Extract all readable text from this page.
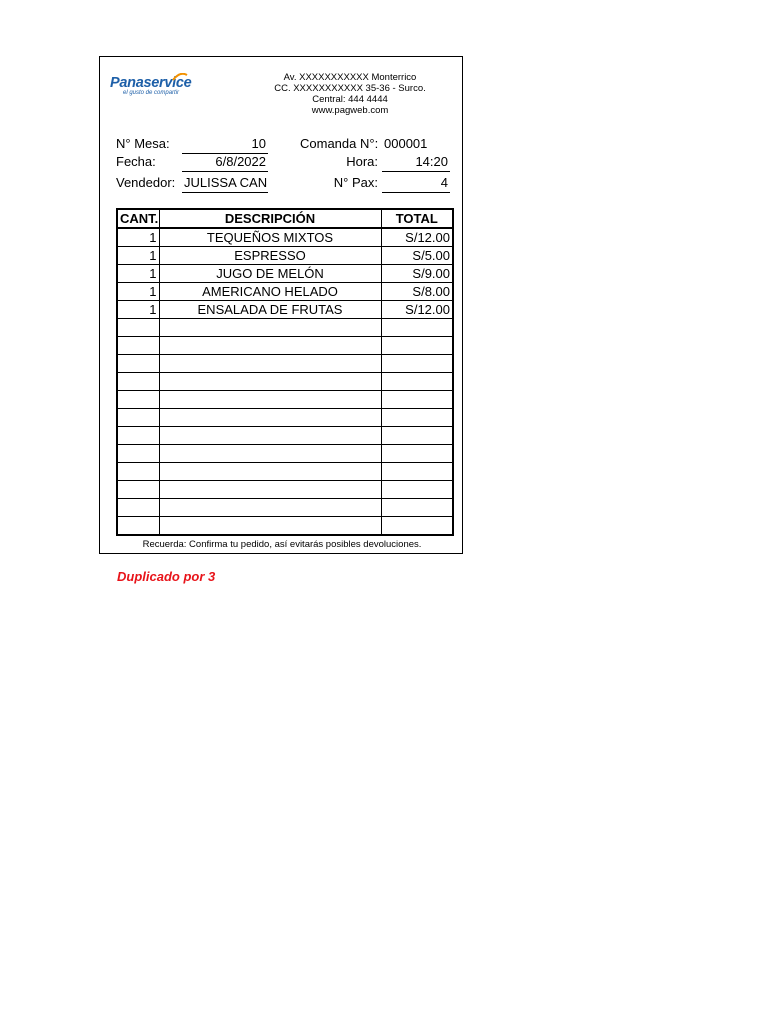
Panaservice
el gusto de compartir
Av. XXXXXXXXXXX Monterrico
CC. XXXXXXXXXXX 35-36 - Surco.
Central: 444 4444
www.pagweb.com
N° Mesa:	10	Comanda N°: 000001
Fecha:	6/8/2022	Hora:	14:20
Vendedor: JULISSA CAN	N° Pax:	4
CANT.	DESCRIPCIÓN	TOTAL
1	TEQUEÑOS MIXTOS	S/12.00
1	ESPRESSO	S/5.00
1	JUGO DE MELÓN	S/9.00
1	AMERICANO HELADO	S/8.00
1	ENSALADA DE FRUTAS	S/12.00

Recuerda: Confirma tu pedido, así evitarás posibles devoluciones.
Duplicado por 3
